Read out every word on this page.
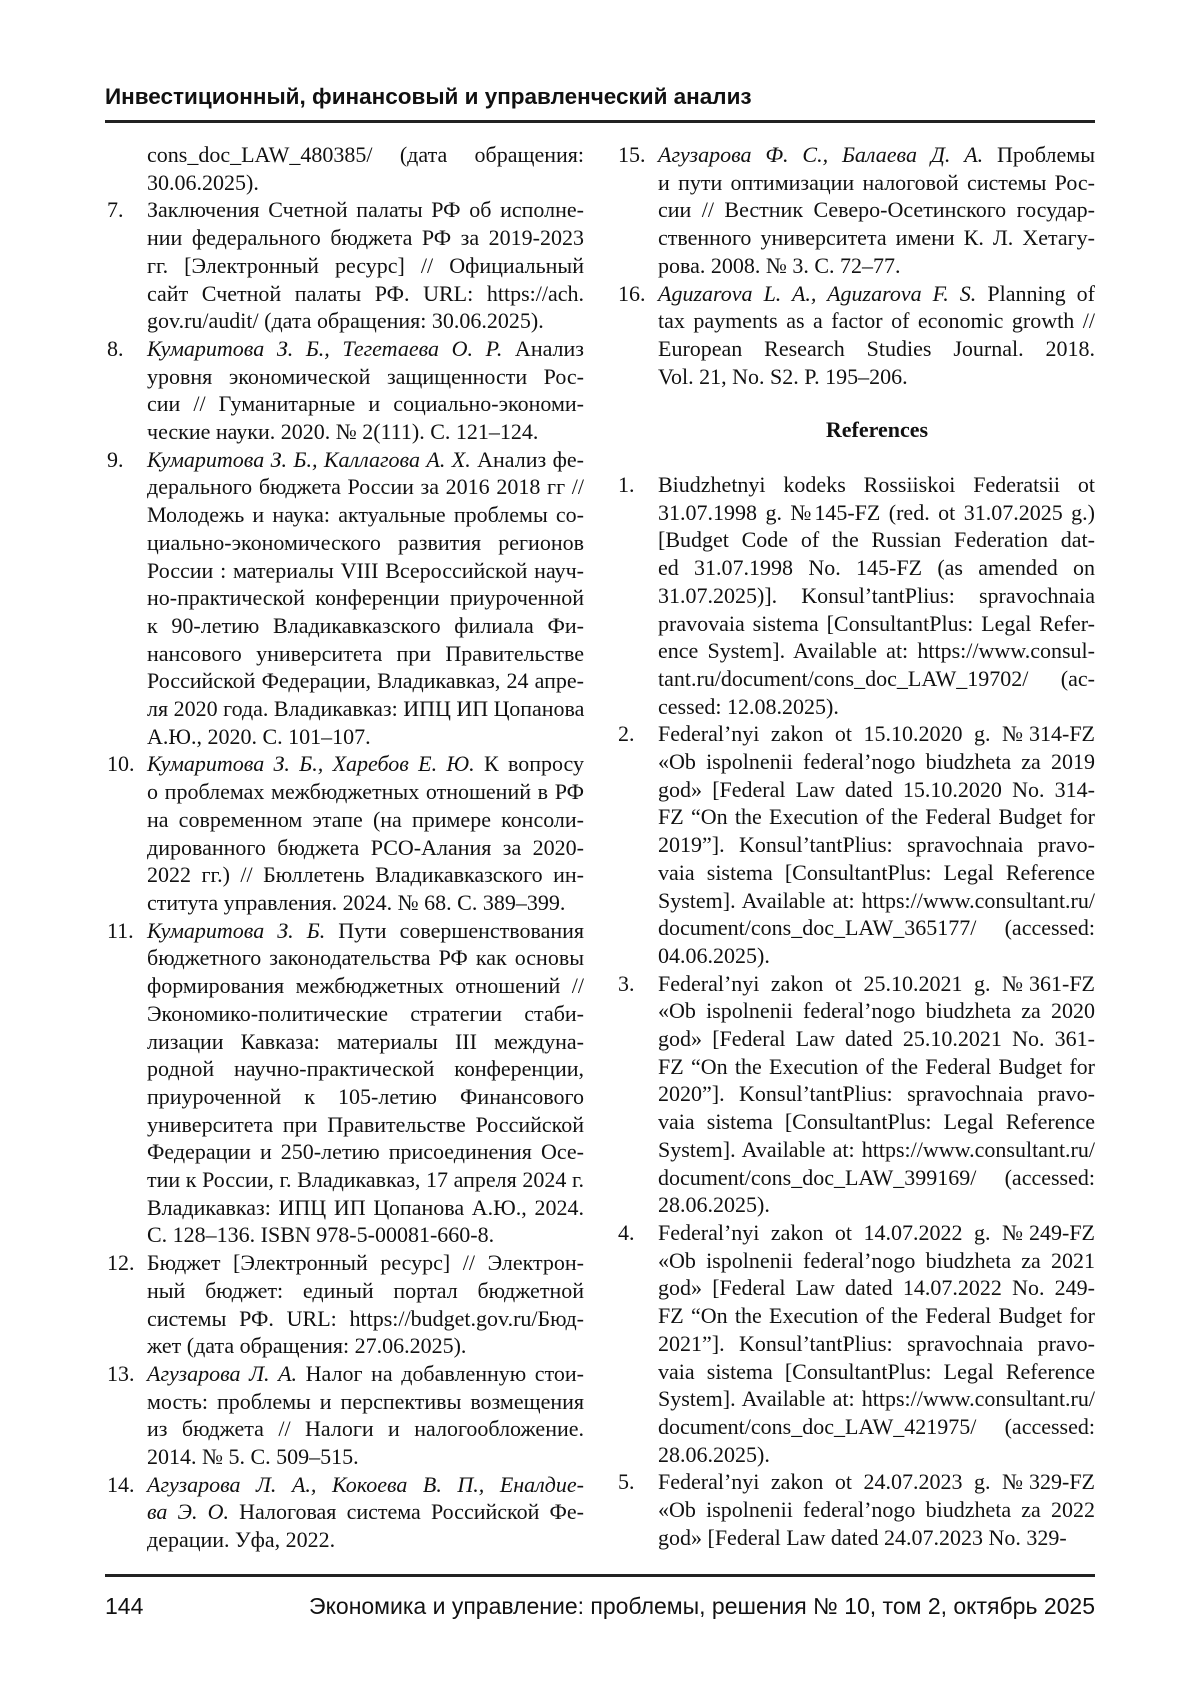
Инвестиционный, финансовый и управленческий анализ
cons_doc_LAW_480385/ (дата обращения:
30.06.2025).
7. Заключения Счетной палаты РФ об исполне-
нии федерального бюджета РФ за 2019-2023
гг. [Электронный ресурс] // Официальный
сайт Счетной палаты РФ. URL: https://ach.
gov.ru/audit/ (дата обращения: 30.06.2025).
8. Кумаритова З. Б., Тегетаева О. Р. Анализ
уровня экономической защищенности Рос-
сии // Гуманитарные и социально-экономи-
ческие науки. 2020. № 2(111). С. 121–124.
9. Кумаритова З. Б., Каллагова А. Х. Анализ фе-
дерального бюджета России за 2016 2018 гг //
Молодежь и наука: актуальные проблемы со-
циально-экономического развития регионов
России : материалы VIII Всероссийской науч-
но-практической конференции приуроченной
к 90-летию Владикавказского филиала Фи-
нансового университета при Правительстве
Российской Федерации, Владикавказ, 24 апре-
ля 2020 года. Владикавказ: ИПЦ ИП Цопанова
А.Ю., 2020. С. 101–107.
10. Кумаритова З. Б., Харебов Е. Ю. К вопросу
о проблемах межбюджетных отношений в РФ
на современном этапе (на примере консоли-
дированного бюджета РСО-Алания за 2020-
2022 гг.) // Бюллетень Владикавказского ин-
ститута управления. 2024. № 68. С. 389–399.
11. Кумаритова З. Б. Пути совершенствования
бюджетного законодательства РФ как основы
формирования межбюджетных отношений //
Экономико-политические стратегии стаби-
лизации Кавказа: материалы III междуна-
родной научно-практической конференции,
приуроченной к 105-летию Финансового
университета при Правительстве Российской
Федерации и 250-летию присоединения Осе-
тии к России, г. Владикавказ, 17 апреля 2024 г.
Владикавказ: ИПЦ ИП Цопанова А.Ю., 2024.
С. 128–136. ISBN 978-5-00081-660-8.
12. Бюджет [Электронный ресурс] // Электрон-
ный бюджет: единый портал бюджетной
системы РФ. URL: https://budget.gov.ru/Бюд-
жет (дата обращения: 27.06.2025).
13. Агузарова Л. А. Налог на добавленную стои-
мость: проблемы и перспективы возмещения
из бюджета // Налоги и налогообложение.
2014. № 5. С. 509–515.
14. Агузарова Л. А., Кокоева В. П., Еналдие-
ва Э. О. Налоговая система Российской Фе-
дерации. Уфа, 2022.
15. Агузарова Ф. С., Балаева Д. А. Проблемы
и пути оптимизации налоговой системы Рос-
сии // Вестник Северо-Осетинского государ-
ственного университета имени К. Л. Хетагу-
рова. 2008. № 3. С. 72–77.
16. Aguzarova L. A., Aguzarova F. S. Planning of
tax payments as a factor of economic growth //
European Research Studies Journal. 2018.
Vol. 21, No. S2. P. 195–206.
References
1. Biudzhetnyi kodeks Rossiiskoi Federatsii ot
31.07.1998 g. №145-FZ (red. ot 31.07.2025 g.)
[Budget Code of the Russian Federation dat-
ed 31.07.1998 No. 145-FZ (as amended on
31.07.2025)]. Konsul’tantPlius: spravochnaia
pravovaia sistema [ConsultantPlus: Legal Refer-
ence System]. Available at: https://www.consul-
tant.ru/document/cons_doc_LAW_19702/ (ac-
cessed: 12.08.2025).
2. Federal’nyi zakon ot 15.10.2020 g. №314-FZ
«Ob ispolnenii federal’nogo biudzheta za 2019
god» [Federal Law dated 15.10.2020 No. 314-
FZ “On the Execution of the Federal Budget for
2019”]. Konsul’tantPlius: spravochnaia pravo-
vaia sistema [ConsultantPlus: Legal Reference
System]. Available at: https://www.consultant.ru/
document/cons_doc_LAW_365177/ (accessed:
04.06.2025).
3. Federal’nyi zakon ot 25.10.2021 g. №361-FZ
«Ob ispolnenii federal’nogo biudzheta za 2020
god» [Federal Law dated 25.10.2021 No. 361-
FZ “On the Execution of the Federal Budget for
2020”]. Konsul’tantPlius: spravochnaia pravo-
vaia sistema [ConsultantPlus: Legal Reference
System]. Available at: https://www.consultant.ru/
document/cons_doc_LAW_399169/ (accessed:
28.06.2025).
4. Federal’nyi zakon ot 14.07.2022 g. №249-FZ
«Ob ispolnenii federal’nogo biudzheta za 2021
god» [Federal Law dated 14.07.2022 No. 249-
FZ “On the Execution of the Federal Budget for
2021”]. Konsul’tantPlius: spravochnaia pravo-
vaia sistema [ConsultantPlus: Legal Reference
System]. Available at: https://www.consultant.ru/
document/cons_doc_LAW_421975/ (accessed:
28.06.2025).
5. Federal’nyi zakon ot 24.07.2023 g. №329-FZ
«Ob ispolnenii federal’nogo biudzheta za 2022
god» [Federal Law dated 24.07.2023 No. 329-
144	Экономика и управление: проблемы, решения № 10, том 2, октябрь 2025
